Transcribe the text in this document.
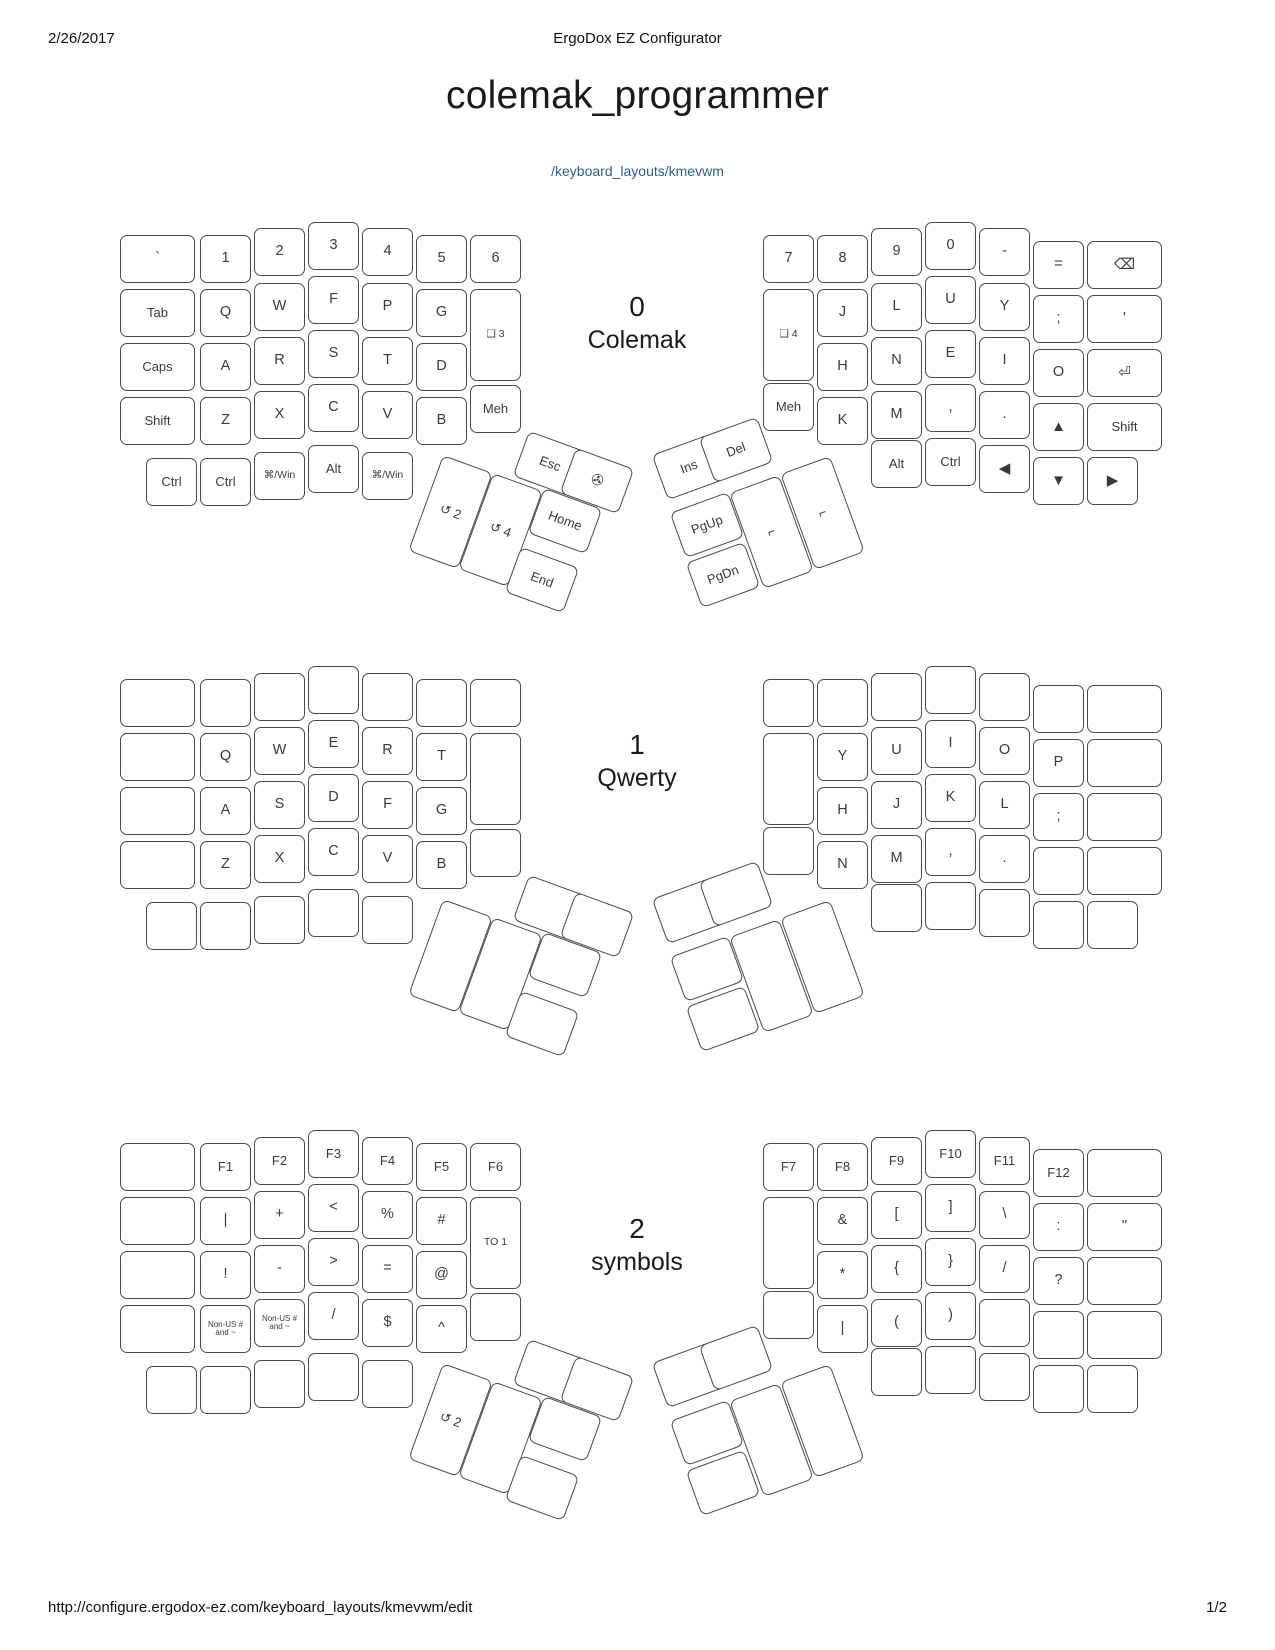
2/26/2017	ErgoDox EZ Configurator
colemak_programmer
/keyboard_layouts/kmevwm
0
Colemak
`	1	2	3	4	5	6
Tab	Q	W	F	P	G
❑ 3
Caps	A	R	S	T	D
Meh
Shift	Z	X	C	V	B
Ctrl	Ctrl	⌘/Win	Alt	⌘/Win
Esc
✇
↺ 2
↺ 4	Home
End
Ins
Del
PgUp
PgDn
⌐
⌐
7	8	9	0	-
=	⌫
❑ 4
J	L	U	Y
;	'
Meh
H	N	E	I
O	⏎
K	M	,	.
▲	Shift
Alt	Ctrl	◀
▼	▶
1
Qwerty
Q	W	E	R	T
A	S	D	F	G
Z	X	C	V	B
Y	U	I	O
P
H	J	K	L
;
N	M	,	.
2
symbols
F1	F2	F3	F4	F5	F6
|	+	<	%	#
TO 1
!	-	>	=	@
Non-US # and ~
Non-US # and ~
/	$	^
↺ 2
F7	F8	F9	F10	F11
F12
&	[	]	\
:	"
*	{	}	/
?
|	(	)
http://configure.ergodox-ez.com/keyboard_layouts/kmevwm/edit	1/2
